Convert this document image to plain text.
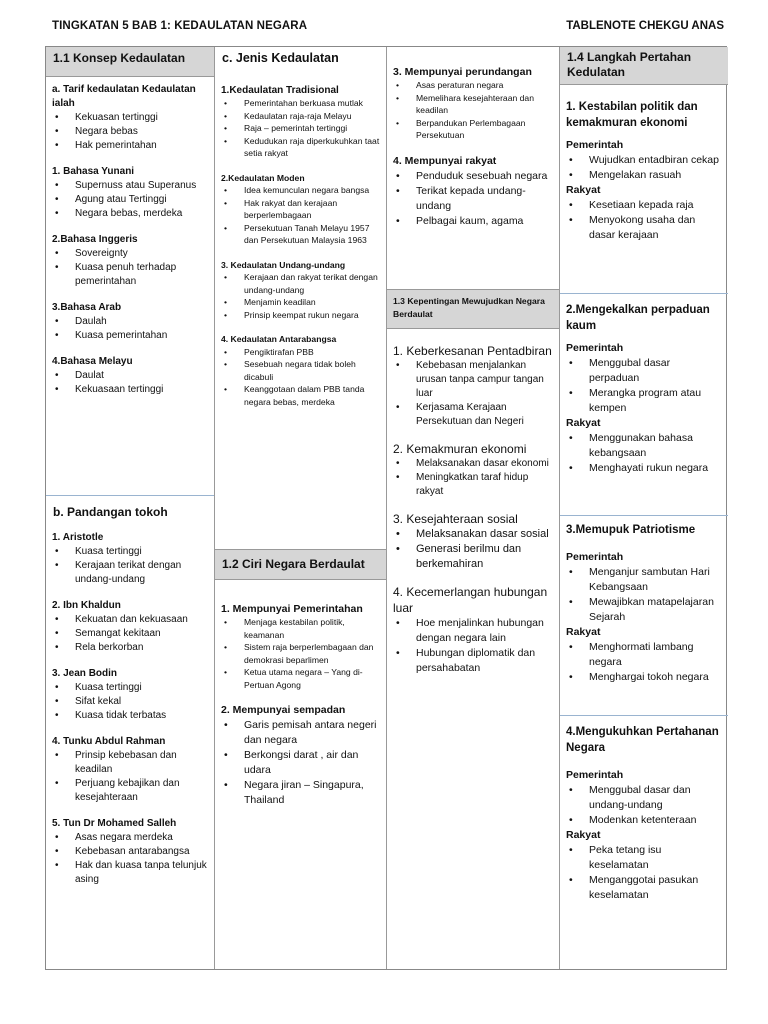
TINGKATAN 5 BAB 1: KEDAULATAN NEGARA	TABLENOTE CHEKGU ANAS
1.1 Konsep Kedaulatan
a. Tarif kedaulatan Kedaulatan ialah
• Kekuasan tertinggi
• Negara bebas
• Hak pemerintahan
1. Bahasa Yunani
• Supernuss atau Superanus
• Agung atau Tertinggi
• Negara bebas, merdeka
2.Bahasa Inggeris
• Sovereignty
• Kuasa penuh terhadap pemerintahan
3.Bahasa Arab
• Daulah
• Kuasa pemerintahan
4.Bahasa Melayu
• Daulat
• Kekuasaan tertinggi
b. Pandangan tokoh
1. Aristotle
• Kuasa tertinggi
• Kerajaan terikat dengan undang-undang
2. Ibn Khaldun
• Kekuatan dan kekuasaan
• Semangat kekitaan
• Rela berkorban
3. Jean Bodin
• Kuasa tertinggi
• Sifat kekal
• Kuasa tidak terbatas
4. Tunku Abdul Rahman
• Prinsip kebebasan dan keadilan
• Perjuang kebajikan dan kesejahteraan
5. Tun Dr Mohamed Salleh
• Asas negara merdeka
• Kebebasan antarabangsa
• Hak dan kuasa tanpa telunjuk asing
c. Jenis Kedaulatan
1.Kedaulatan Tradisional
• Pemerintahan berkuasa mutlak
• Kedaulatan raja-raja Melayu
• Raja – pemerintah tertinggi
• Kedudukan raja diperkukuhkan taat setia rakyat
2.Kedaulatan Moden
• Idea kemunculan negara bangsa
• Hak rakyat dan kerajaan berperlembagaan
• Persekutuan Tanah Melayu 1957 dan Persekutuan Malaysia 1963
3. Kedaulatan Undang-undang
• Kerajaan dan rakyat terikat dengan undang-undang
• Menjamin keadilan
• Prinsip keempat rukun negara
4. Kedaulatan Antarabangsa
• Pengiktirafan PBB
• Sesebuah negara tidak boleh dicabuli
• Keanggotaan dalam PBB tanda negara bebas, merdeka
1.2 Ciri Negara Berdaulat
1. Mempunyai Pemerintahan
• Menjaga kestabilan politik, keamanan
• Sistem raja berperlembagaan dan demokrasi beparlimen
• Ketua utama negara – Yang di-Pertuan Agong
2. Mempunyai sempadan
• Garis pemisah antara negeri dan negara
• Berkongsi darat , air dan udara
• Negara jiran – Singapura, Thailand
3. Mempunyai perundangan
• Asas peraturan negara
• Memelihara kesejahteraan dan keadilan
• Berpandukan Perlembagaan Persekutuan
4. Mempunyai rakyat
• Penduduk sesebuah negara
• Terikat kepada undang-undang
• Pelbagai kaum, agama
1.3 Kepentingan Mewujudkan Negara Berdaulat
1. Keberkesanan Pentadbiran
• Kebebasan menjalankan urusan tanpa campur tangan luar
• Kerjasama Kerajaan Persekutuan dan Negeri
2. Kemakmuran ekonomi
• Melaksanakan dasar ekonomi
• Meningkatkan taraf hidup rakyat
3. Kesejahteraan sosial
• Melaksanakan dasar sosial
• Generasi berilmu dan berkemahiran
4. Kecemerlangan hubungan luar
• Hoe menjalinkan hubungan dengan negara lain
• Hubungan diplomatik dan persahabatan
1.4 Langkah Pertahan Kedulatan
1. Kestabilan politik dan kemakmuran ekonomi
Pemerintah
• Wujudkan entadbiran cekap
• Mengelakan rasuah
Rakyat
• Kesetiaan kepada raja
• Menyokong usaha dan dasar kerajaan
2.Mengekalkan perpaduan kaum
Pemerintah
• Menggubal dasar perpaduan
• Merangka program atau kempen
Rakyat
• Menggunakan bahasa kebangsaan
• Menghayati rukun negara
3.Memupuk Patriotisme
Pemerintah
• Menganjur sambutan Hari Kebangsaan
• Mewajibkan matapelajaran Sejarah
Rakyat
• Menghormati lambang negara
• Menghargai tokoh negara
4.Mengukuhkan Pertahanan Negara
Pemerintah
• Menggubal dasar dan undang-undang
• Modenkan ketenteraan
Rakyat
• Peka tetang isu keselamatan
• Menganggotai pasukan keselamatan
